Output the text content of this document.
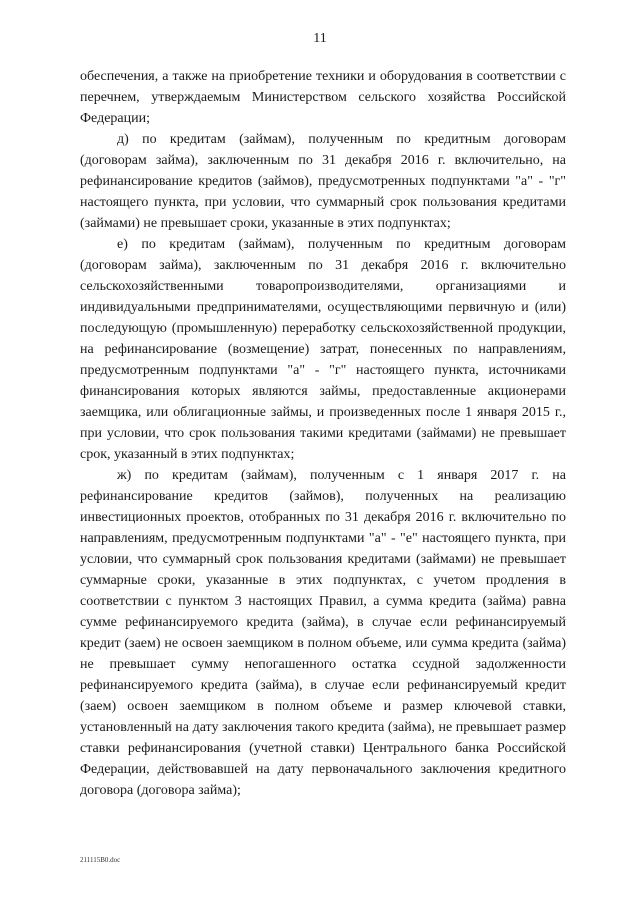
11

обеспечения, а также на приобретение техники и оборудования в соответствии с перечнем, утверждаемым Министерством сельского хозяйства Российской Федерации;

д) по кредитам (займам), полученным по кредитным договорам (договорам займа), заключенным по 31 декабря 2016 г. включительно, на рефинансирование кредитов (займов), предусмотренных подпунктами "а" - "г" настоящего пункта, при условии, что суммарный срок пользования кредитами (займами) не превышает сроки, указанные в этих подпунктах;

е) по кредитам (займам), полученным по кредитным договорам (договорам займа), заключенным по 31 декабря 2016 г. включительно сельскохозяйственными товаропроизводителями, организациями и индивидуальными предпринимателями, осуществляющими первичную и (или) последующую (промышленную) переработку сельскохозяйственной продукции, на рефинансирование (возмещение) затрат, понесенных по направлениям, предусмотренным подпунктами "а" - "г" настоящего пункта, источниками финансирования которых являются займы, предоставленные акционерами заемщика, или облигационные займы, и произведенных после 1 января 2015 г., при условии, что срок пользования такими кредитами (займами) не превышает срок, указанный в этих подпунктах;

ж) по кредитам (займам), полученным с 1 января 2017 г. на рефинансирование кредитов (займов), полученных на реализацию инвестиционных проектов, отобранных по 31 декабря 2016 г. включительно по направлениям, предусмотренным подпунктами "а" - "е" настоящего пункта, при условии, что суммарный срок пользования кредитами (займами) не превышает суммарные сроки, указанные в этих подпунктах, с учетом продления в соответствии с пунктом 3 настоящих Правил, а сумма кредита (займа) равна сумме рефинансируемого кредита (займа), в случае если рефинансируемый кредит (заем) не освоен заемщиком в полном объеме, или сумма кредита (займа) не превышает сумму непогашенного остатка ссудной задолженности рефинансируемого кредита (займа), в случае если рефинансируемый кредит (заем) освоен заемщиком в полном объеме и размер ключевой ставки, установленный на дату заключения такого кредита (займа), не превышает размер ставки рефинансирования (учетной ставки) Центрального банка Российской Федерации, действовавшей на дату первоначального заключения кредитного договора (договора займа);

211115В0.doc
